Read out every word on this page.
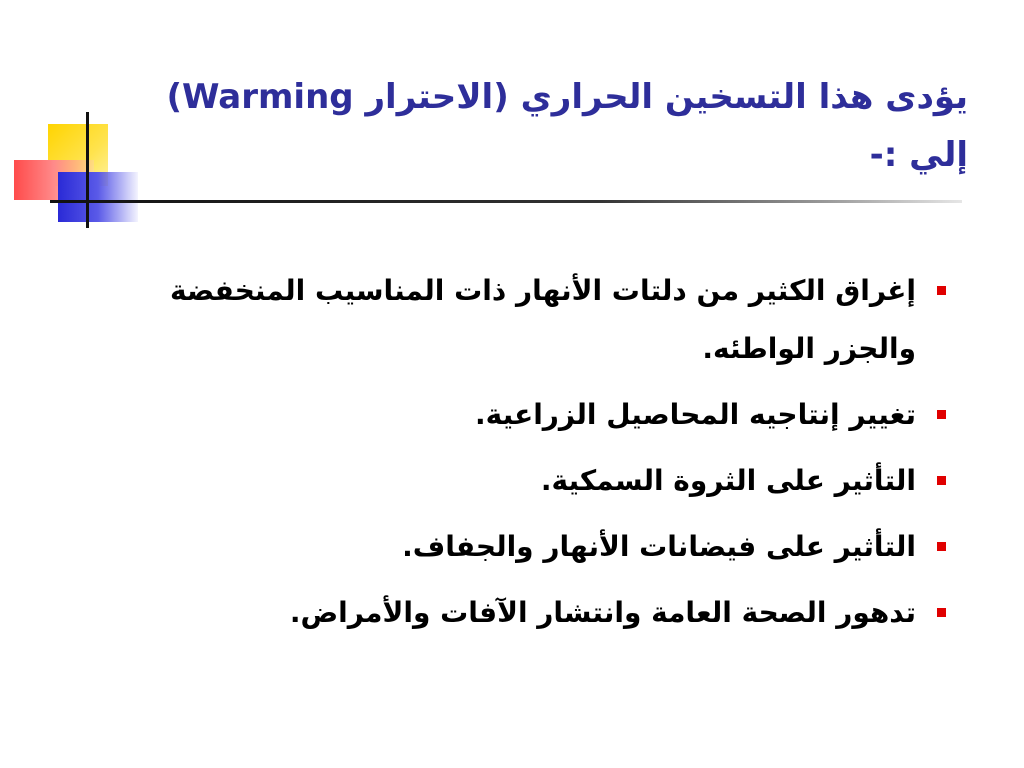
يؤدى هذا التسخين الحراري (الاحترار Warming) إلي :-
إغراق الكثير من دلتات الأنهار ذات المناسيب المنخفضة والجزر الواطئه.
تغيير إنتاجيه المحاصيل الزراعية.
التأثير على الثروة السمكية.
التأثير على فيضانات الأنهار والجفاف.
تدهور الصحة العامة وانتشار الآفات والأمراض.
